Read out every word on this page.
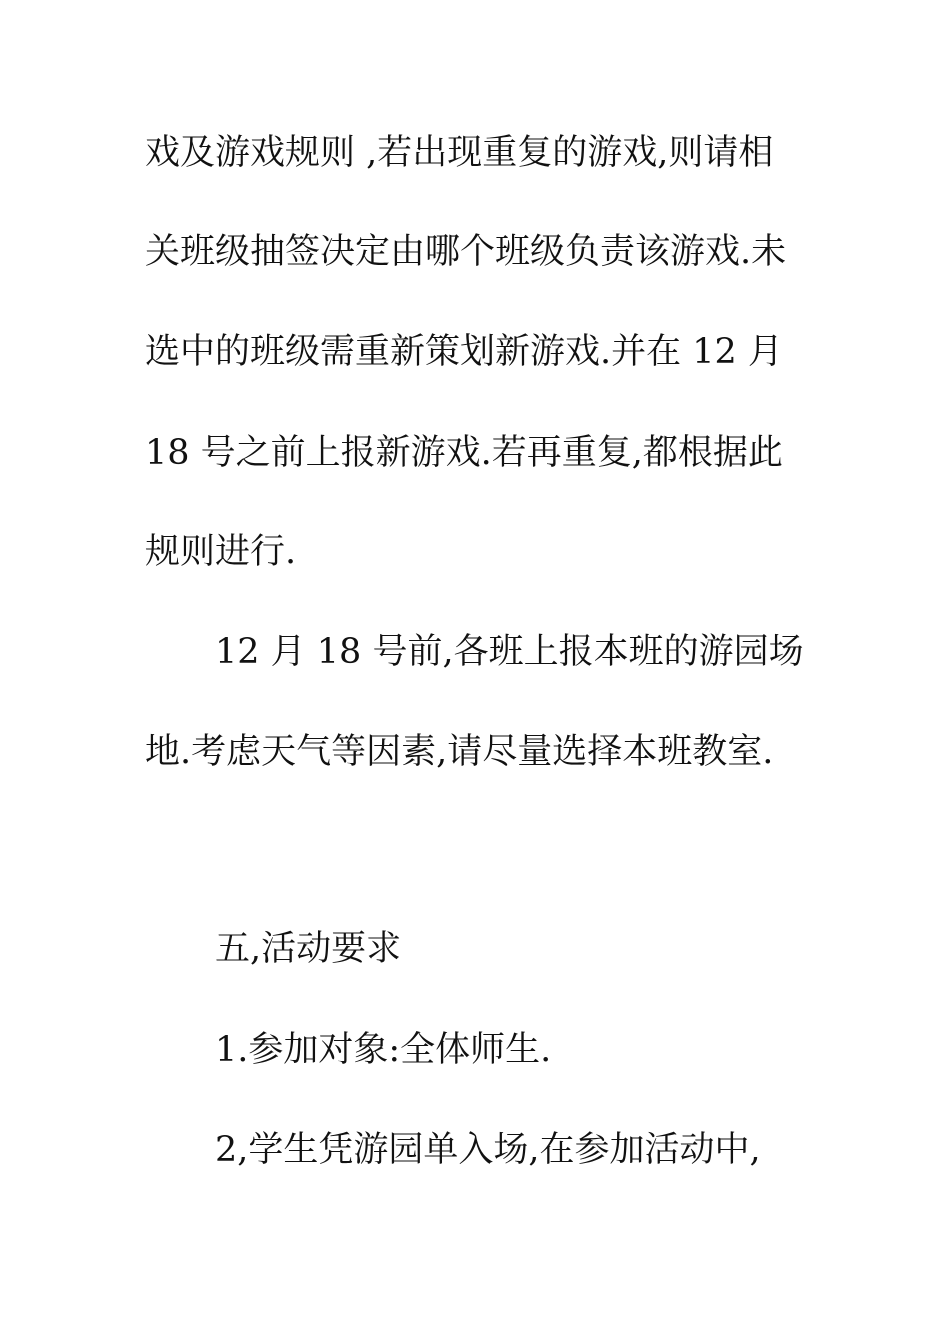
戏及游戏规则 ,若出现重复的游戏,则请相
关班级抽签决定由哪个班级负责该游戏.未
选中的班级需重新策划新游戏.并在 12 月
18 号之前上报新游戏.若再重复,都根据此
规则进行.
12 月 18 号前,各班上报本班的游园场
地.考虑天气等因素,请尽量选择本班教室.
五,活动要求
1.参加对象:全体师生.
2,学生凭游园单入场,在参加活动中,
